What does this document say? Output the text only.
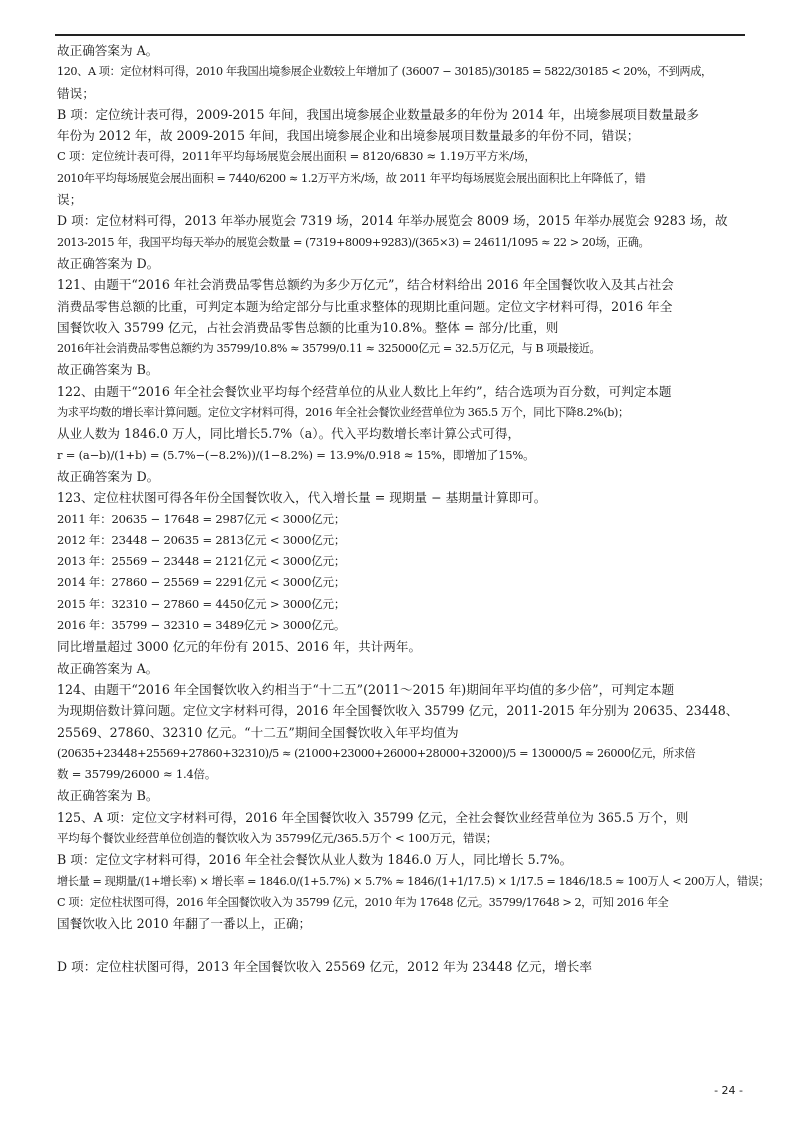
故正确答案为 A。

120、A 项：定位材料可得，2010 年我国出境参展企业数较上年增加了 (36007 − 30185)/30185 = 5822/30185 < 20%，不到两成，

错误；

B 项：定位统计表可得，2009-2015 年间，我国出境参展企业数量最多的年份为 2014 年，出境参展项目数量最多

年份为 2012 年，故 2009-2015 年间，我国出境参展企业和出境参展项目数量最多的年份不同，错误；

C 项：定位统计表可得，2011年平均每场展览会展出面积 = 8120/6830 ≈ 1.19万平方米/场，

2010年平均每场展览会展出面积 = 7440/6200 ≈ 1.2万平方米/场，故 2011 年平均每场展览会展出面积比上年降低了，错

误；

D 项：定位材料可得，2013 年举办展览会 7319 场，2014 年举办展览会 8009 场，2015 年举办展览会 9283 场，故

2013-2015 年，我国平均每天举办的展览会数量 = (7319+8009+9283)/(365×3) = 24611/1095 ≈ 22 > 20场，正确。

故正确答案为 D。

121、由题干“2016 年社会消费品零售总额约为多少万亿元”，结合材料给出 2016 年全国餐饮收入及其占社会

消费品零售总额的比重，可判定本题为给定部分与比重求整体的现期比重问题。定位文字材料可得，2016 年全

国餐饮收入 35799 亿元，占社会消费品零售总额的比重为10.8%。整体 = 部分/比重，则

2016年社会消费品零售总额约为 35799/10.8% ≈ 35799/0.11 ≈ 325000亿元 = 32.5万亿元，与 B 项最接近。

故正确答案为 B。

122、由题干“2016 年全社会餐饮业平均每个经营单位的从业人数比上年约”，结合选项为百分数，可判定本题

为求平均数的增长率计算问题。定位文字材料可得，2016 年全社会餐饮业经营单位为 365.5 万个，同比下降8.2%(b)；

从业人数为 1846.0 万人，同比增长5.7%（a）。代入平均数增长率计算公式可得，

r = (a−b)/(1+b) = (5.7%−(−8.2%))/(1−8.2%) = 13.9%/0.918 ≈ 15%，即增加了15%。

故正确答案为 D。

123、定位柱状图可得各年份全国餐饮收入，代入增长量 = 现期量 − 基期量计算即可。

2011 年：20635 − 17648 = 2987亿元 < 3000亿元；

2012 年：23448 − 20635 = 2813亿元 < 3000亿元；

2013 年：25569 − 23448 = 2121亿元 < 3000亿元；

2014 年：27860 − 25569 = 2291亿元 < 3000亿元；

2015 年：32310 − 27860 = 4450亿元 > 3000亿元；

2016 年：35799 − 32310 = 3489亿元 > 3000亿元。

同比增量超过 3000 亿元的年份有 2015、2016 年，共计两年。

故正确答案为 A。

124、由题干“2016 年全国餐饮收入约相当于“十二五”(2011～2015 年)期间年平均值的多少倍”，可判定本题

为现期倍数计算问题。定位文字材料可得，2016 年全国餐饮收入 35799 亿元，2011-2015 年分别为 20635、23448、

25569、27860、32310 亿元。“十二五”期间全国餐饮收入年平均值为

(20635+23448+25569+27860+32310)/5 ≈ (21000+23000+26000+28000+32000)/5 = 130000/5 ≈ 26000亿元，所求倍

数 = 35799/26000 ≈ 1.4倍。

故正确答案为 B。

125、A 项：定位文字材料可得，2016 年全国餐饮收入 35799 亿元，全社会餐饮业经营单位为 365.5 万个，则

平均每个餐饮业经营单位创造的餐饮收入为 35799亿元/365.5万个 < 100万元，错误；

B 项：定位文字材料可得，2016 年全社会餐饮从业人数为 1846.0 万人，同比增长 5.7%。

增长量 = 现期量/(1+增长率) × 增长率 = 1846.0/(1+5.7%) × 5.7% ≈ 1846/(1+1/17.5) × 1/17.5 = 1846/18.5 ≈ 100万人 < 200万人，错误；

C 项：定位柱状图可得，2016 年全国餐饮收入为 35799 亿元，2010 年为 17648 亿元。35799/17648 > 2，可知 2016 年全

国餐饮收入比 2010 年翻了一番以上，正确；

D 项：定位柱状图可得，2013 年全国餐饮收入 25569 亿元，2012 年为 23448 亿元，增长率

- 24 -
